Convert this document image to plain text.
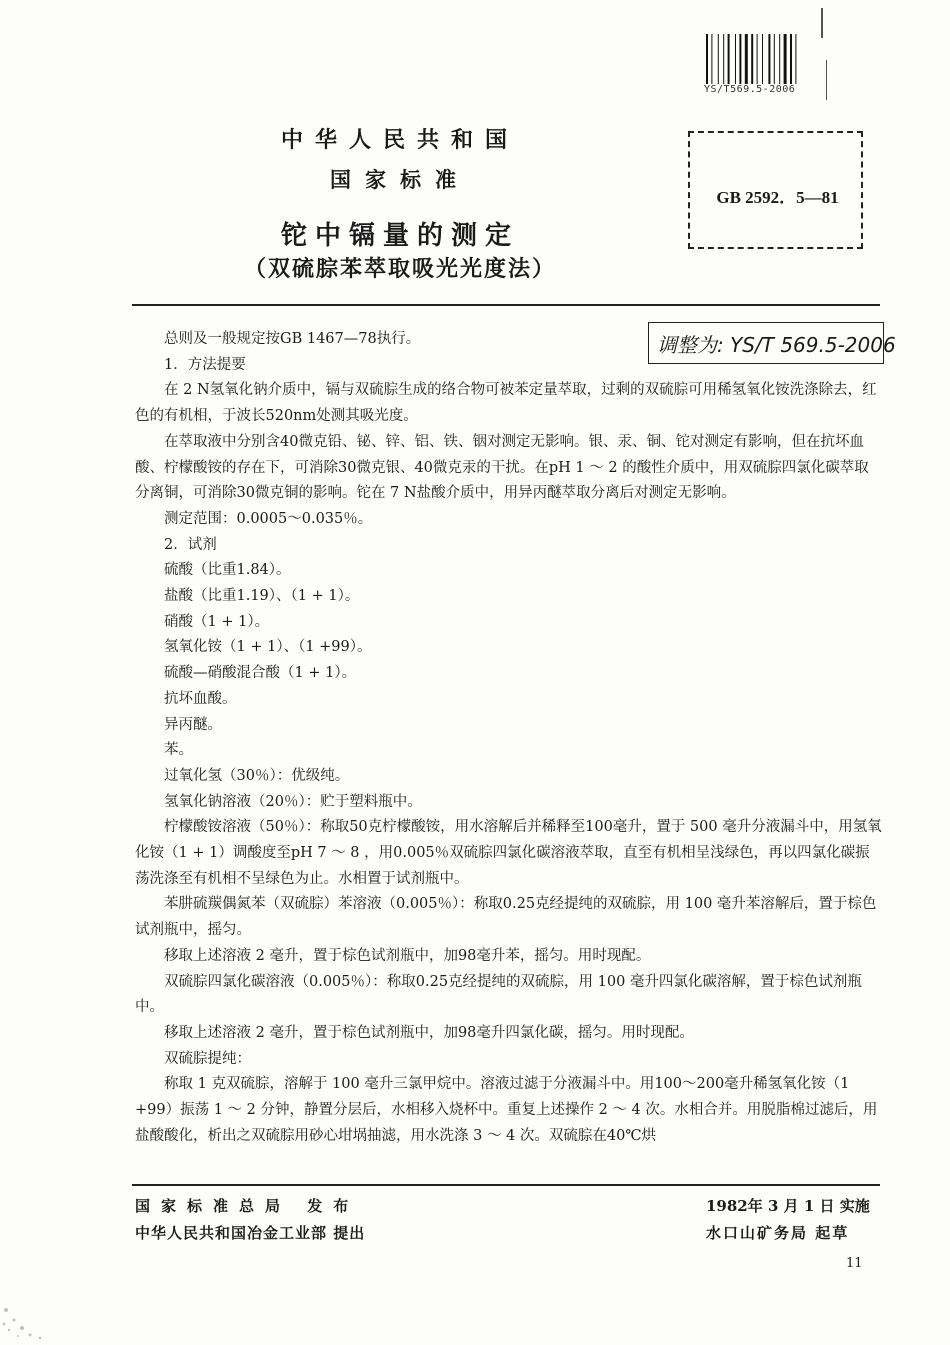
YS/T569.5-2006
中华人民共和国
国家标准
铊中镉量的测定
（双硫腙苯萃取吸光光度法）
GB 2592．5—81
调整为: YS/T 569.5-2006

总则及一般规定按GB 1467—78执行。

1．方法提要

在 2 N氢氧化钠介质中，镉与双硫腙生成的络合物可被苯定量萃取，过剩的双硫腙可用稀氢氧化铵洗涤除去，红色的有机相，于波长520nm处测其吸光度。

在萃取液中分别含40微克铅、铋、锌、铝、铁、铟对测定无影响。银、汞、铜、铊对测定有影响，但在抗坏血酸、柠檬酸铵的存在下，可消除30微克银、40微克汞的干扰。在pH 1 ～ 2 的酸性介质中，用双硫腙四氯化碳萃取分离铜，可消除30微克铜的影响。铊在 7 N盐酸介质中，用异丙醚萃取分离后对测定无影响。

测定范围：0.0005～0.035％。

2．试剂

硫酸（比重1.84）。

盐酸（比重1.19）、（1 + 1）。

硝酸（1 + 1）。

氢氧化铵（1 + 1）、（1 +99）。

硫酸—硝酸混合酸（1 + 1）。

抗坏血酸。

异丙醚。

苯。

过氧化氢（30％）：优级纯。

氢氧化钠溶液（20％）：贮于塑料瓶中。

柠檬酸铵溶液（50％）：称取50克柠檬酸铵，用水溶解后并稀释至100毫升，置于 500 毫升分液漏斗中，用氢氧化铵（1 + 1）调酸度至pH 7 ～ 8 ，用0.005％双硫腙四氯化碳溶液萃取，直至有机相呈浅绿色，再以四氯化碳振荡洗涤至有机相不呈绿色为止。水相置于试剂瓶中。

苯肼硫羰偶氮苯（双硫腙）苯溶液（0.005％）：称取0.25克经提纯的双硫腙，用 100 毫升苯溶解后，置于棕色试剂瓶中，摇匀。

移取上述溶液 2 毫升，置于棕色试剂瓶中，加98毫升苯，摇匀。用时现配。

双硫腙四氯化碳溶液（0.005％）：称取0.25克经提纯的双硫腙，用 100 毫升四氯化碳溶解，置于棕色试剂瓶中。

移取上述溶液 2 毫升，置于棕色试剂瓶中，加98毫升四氯化碳，摇匀。用时现配。

双硫腙提纯：

称取 1 克双硫腙，溶解于 100 毫升三氯甲烷中。溶液过滤于分液漏斗中。用100～200毫升稀氢氧化铵（1 +99）振荡 1 ～ 2 分钟，静置分层后，水相移入烧杯中。重复上述操作 2 ～ 4 次。水相合并。用脱脂棉过滤后，用盐酸酸化，析出之双硫腙用砂心坩埚抽滤，用水洗涤 3 ～ 4 次。双硫腙在40℃烘

国家标准总局 发布
中华人民共和国冶金工业部 提出
1982年 3 月 1 日 实施
水口山矿务局 起草
11
